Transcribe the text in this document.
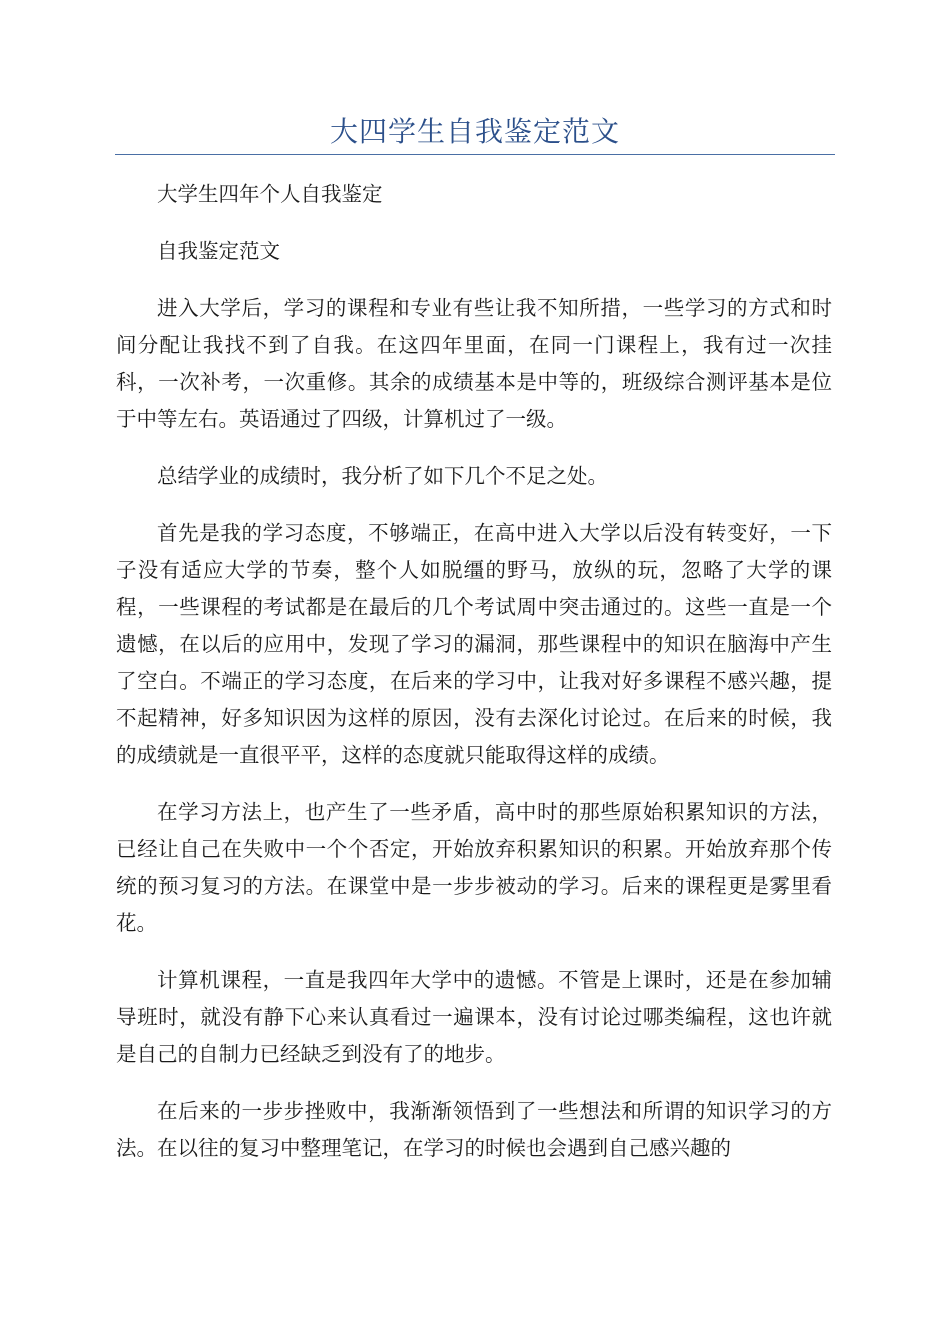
大四学生自我鉴定范文

大学生四年个人自我鉴定

自我鉴定范文

进入大学后，学习的课程和专业有些让我不知所措，一些学习的方式和时间分配让我找不到了自我。在这四年里面，在同一门课程上，我有过一次挂科，一次补考，一次重修。其余的成绩基本是中等的，班级综合测评基本是位于中等左右。英语通过了四级，计算机过了一级。

总结学业的成绩时，我分析了如下几个不足之处。

首先是我的学习态度，不够端正，在高中进入大学以后没有转变好，一下子没有适应大学的节奏，整个人如脱缰的野马，放纵的玩，忽略了大学的课程，一些课程的考试都是在最后的几个考试周中突击通过的。这些一直是一个遗憾，在以后的应用中，发现了学习的漏洞，那些课程中的知识在脑海中产生了空白。不端正的学习态度，在后来的学习中，让我对好多课程不感兴趣，提不起精神，好多知识因为这样的原因，没有去深化讨论过。在后来的时候，我的成绩就是一直很平平，这样的态度就只能取得这样的成绩。

在学习方法上，也产生了一些矛盾，高中时的那些原始积累知识的方法，已经让自己在失败中一个个否定，开始放弃积累知识的积累。开始放弃那个传统的预习复习的方法。在课堂中是一步步被动的学习。后来的课程更是雾里看花。

计算机课程，一直是我四年大学中的遗憾。不管是上课时，还是在参加辅导班时，就没有静下心来认真看过一遍课本，没有讨论过哪类编程，这也许就是自己的自制力已经缺乏到没有了的地步。

在后来的一步步挫败中，我渐渐领悟到了一些想法和所谓的知识学习的方法。在以往的复习中整理笔记，在学习的时候也会遇到自己感兴趣的
